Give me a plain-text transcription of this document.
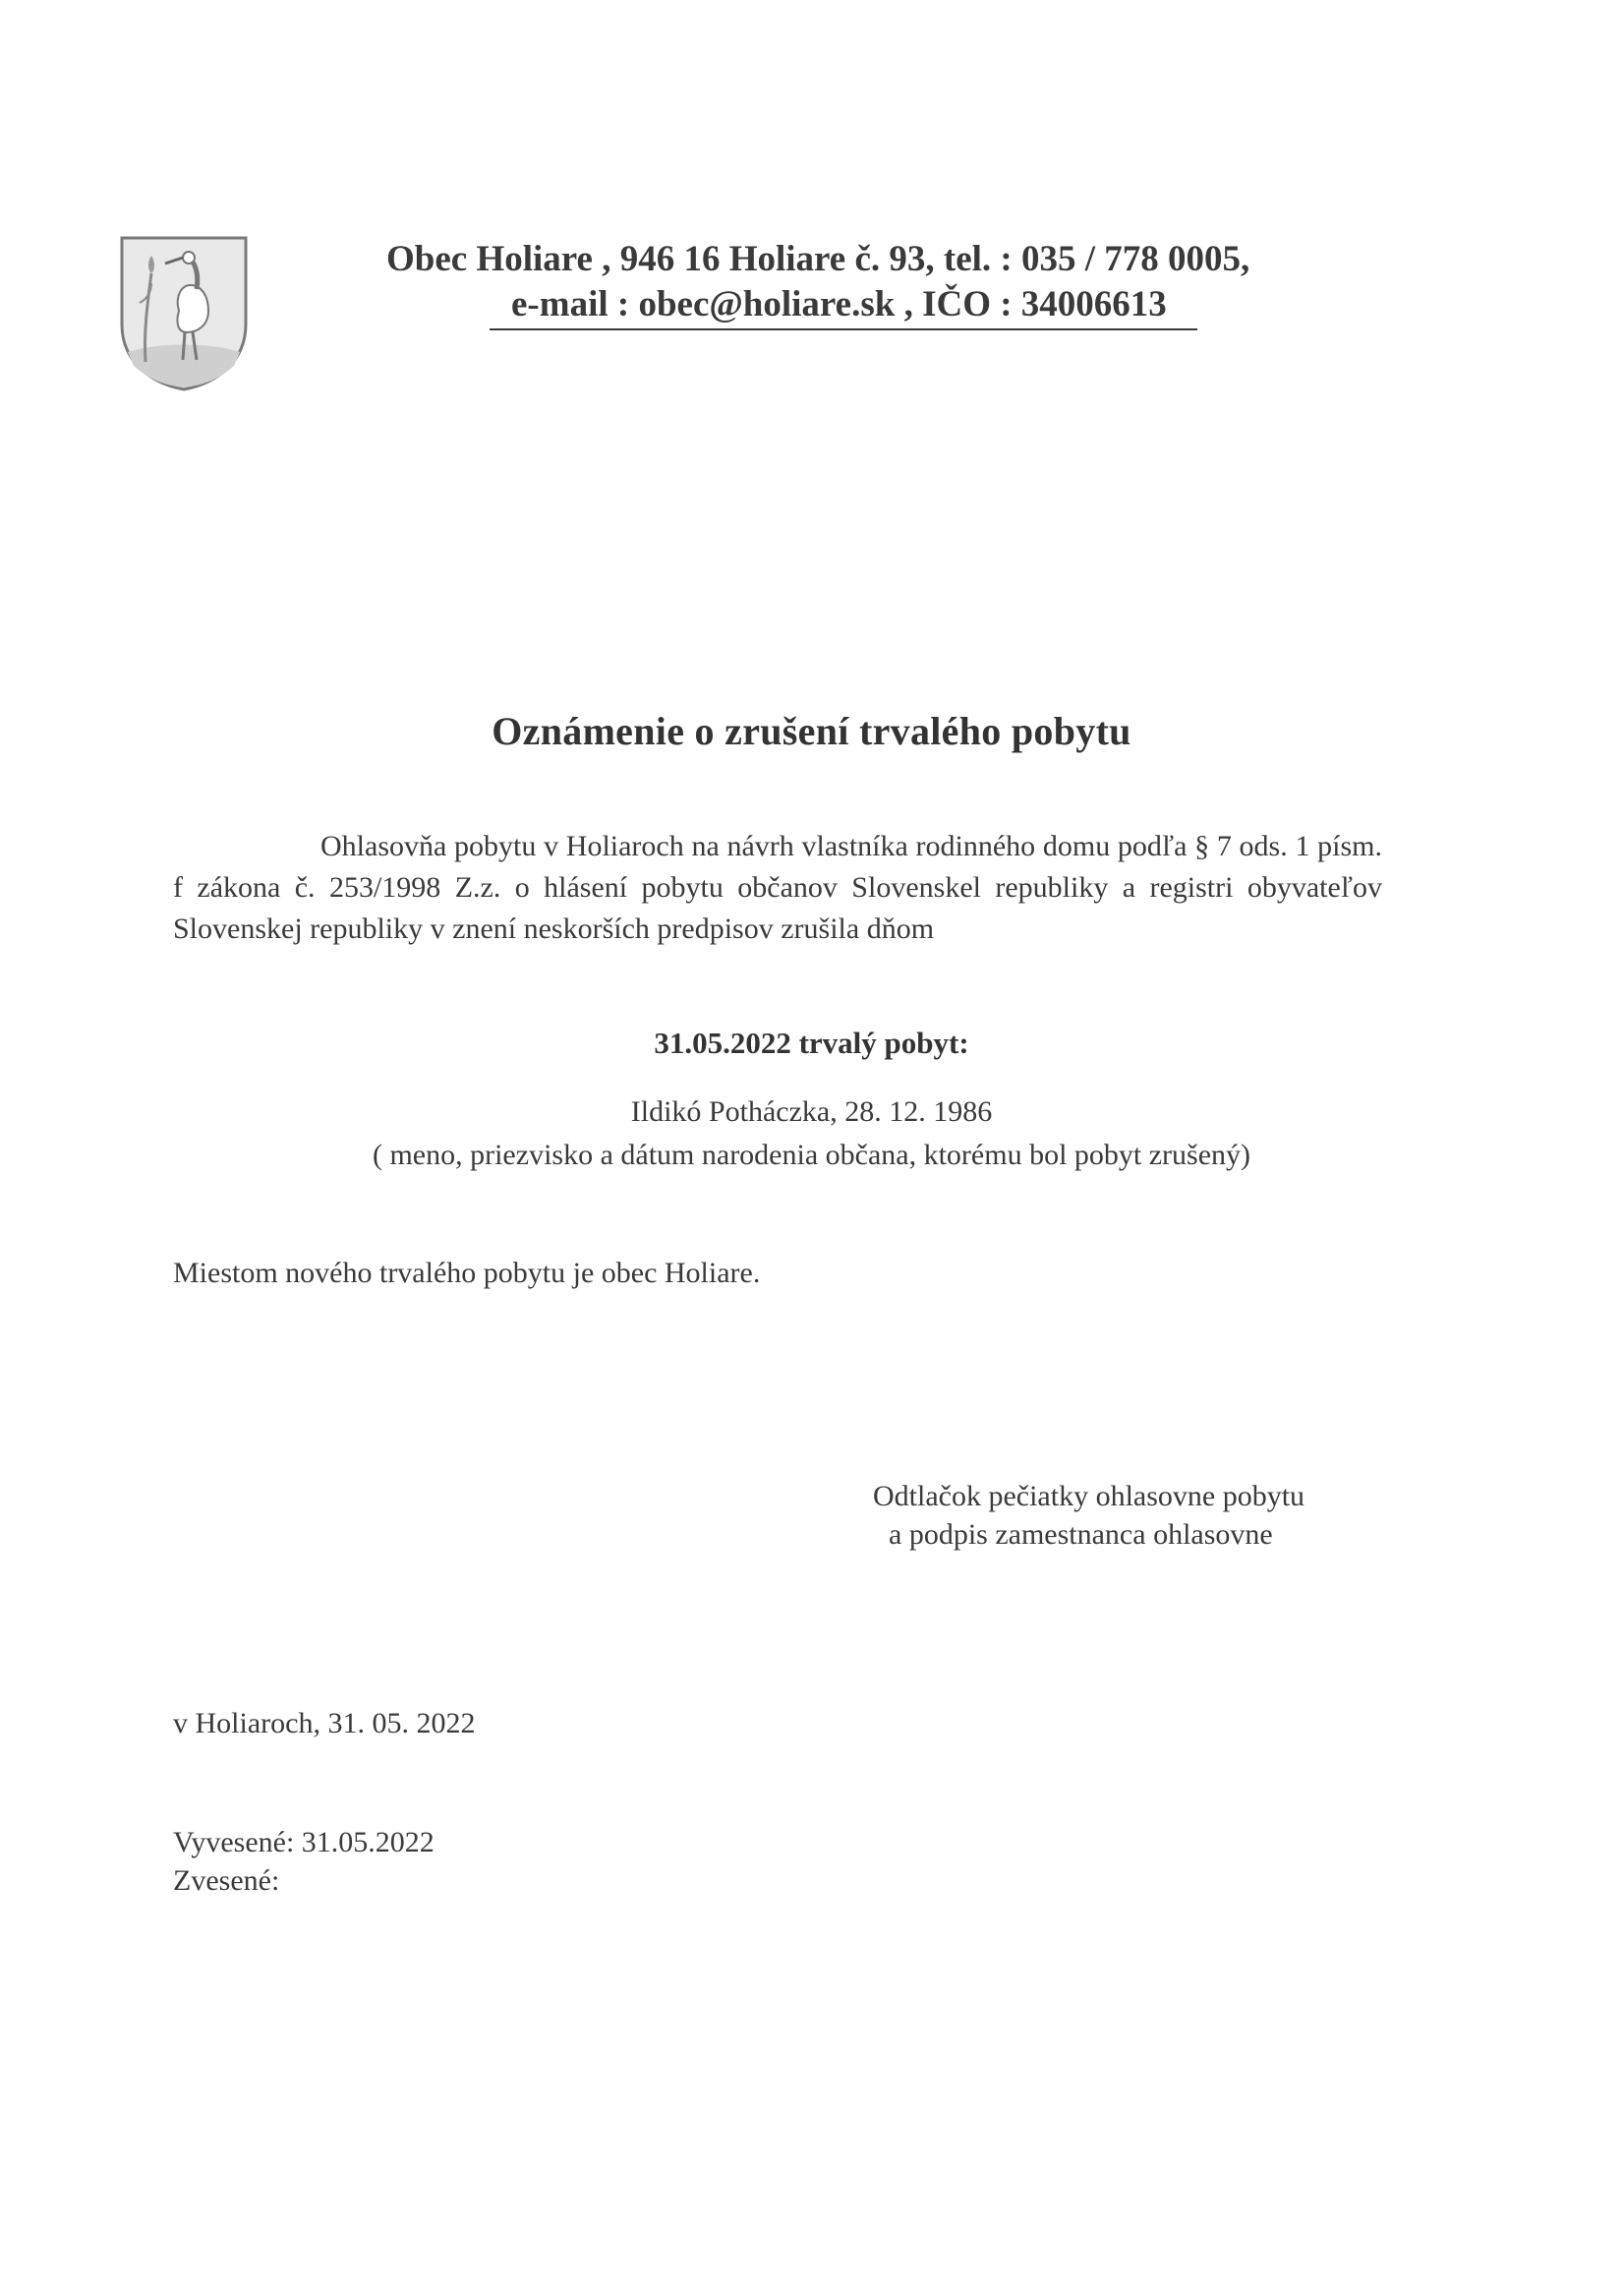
Obec Holiare , 946 16 Holiare č. 93, tel. : 035 / 778 0005,
e-mail : obec@holiare.sk , IČO : 34006613
Oznámenie o zrušení trvalého pobytu
Ohlasovňa pobytu v Holiaroch na návrh vlastníka rodinného domu podľa § 7 ods. 1 písm. f zákona č. 253/1998 Z.z. o hlásení pobytu občanov Slovenskel republiky a registri obyvateľov Slovenskej republiky v znení neskorších predpisov zrušila dňom
31.05.2022 trvalý pobyt:
Ildikó Potháczka, 28. 12. 1986
( meno, priezvisko a dátum narodenia občana, ktorému bol pobyt zrušený)
Miestom nového trvalého pobytu je obec Holiare.
Odtlačok pečiatky ohlasovne pobytu
a podpis zamestnanca ohlasovne
v Holiaroch, 31. 05. 2022
Vyvesené: 31.05.2022
Zvesené:
